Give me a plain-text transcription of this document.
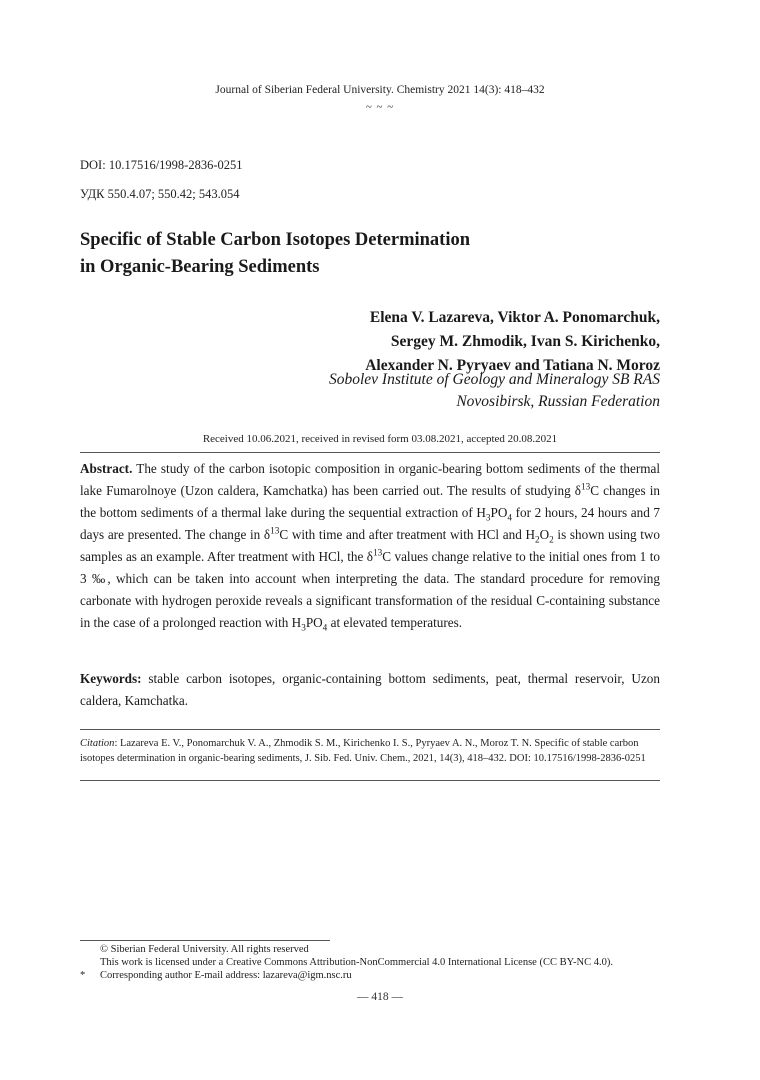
Journal of Siberian Federal University. Chemistry 2021 14(3): 418–432
~ ~ ~
DOI: 10.17516/1998-2836-0251
УДК 550.4.07; 550.42; 543.054
Specific of Stable Carbon Isotopes Determination
in Organic-Bearing Sediments
Elena V. Lazareva, Viktor A. Ponomarchuk,
Sergey M. Zhmodik, Ivan S. Kirichenko,
Alexander N. Pyryaev and Tatiana N. Moroz
Sobolev Institute of Geology and Mineralogy SB RAS
Novosibirsk, Russian Federation
Received 10.06.2021, received in revised form 03.08.2021, accepted 20.08.2021
Abstract. The study of the carbon isotopic composition in organic-bearing bottom sediments of the thermal lake Fumarolnoye (Uzon caldera, Kamchatka) has been carried out. The results of studying $\delta^{13}C$ changes in the bottom sediments of a thermal lake during the sequential extraction of $H_3PO_4$ for 2 hours, 24 hours and 7 days are presented. The change in $\delta^{13}C$ with time and after treatment with HCl and $H_2O_2$ is shown using two samples as an example. After treatment with HCl, the $\delta^{13}C$ values change relative to the initial ones from 1 to 3 ‰, which can be taken into account when interpreting the data. The standard procedure for removing carbonate with hydrogen peroxide reveals a significant transformation of the residual C-containing substance in the case of a prolonged reaction with $H_3PO_4$ at elevated temperatures.
Keywords: stable carbon isotopes, organic-containing bottom sediments, peat, thermal reservoir, Uzon caldera, Kamchatka.
Citation: Lazareva E. V., Ponomarchuk V. A., Zhmodik S. M., Kirichenko I. S., Pyryaev A. N., Moroz T. N. Specific of stable carbon isotopes determination in organic-bearing sediments, J. Sib. Fed. Univ. Chem., 2021, 14(3), 418–432. DOI: 10.17516/1998-2836-0251
© Siberian Federal University. All rights reserved
This work is licensed under a Creative Commons Attribution-NonCommercial 4.0 International License (CC BY-NC 4.0).
* Corresponding author E-mail address: lazareva@igm.nsc.ru
― 418 ―
